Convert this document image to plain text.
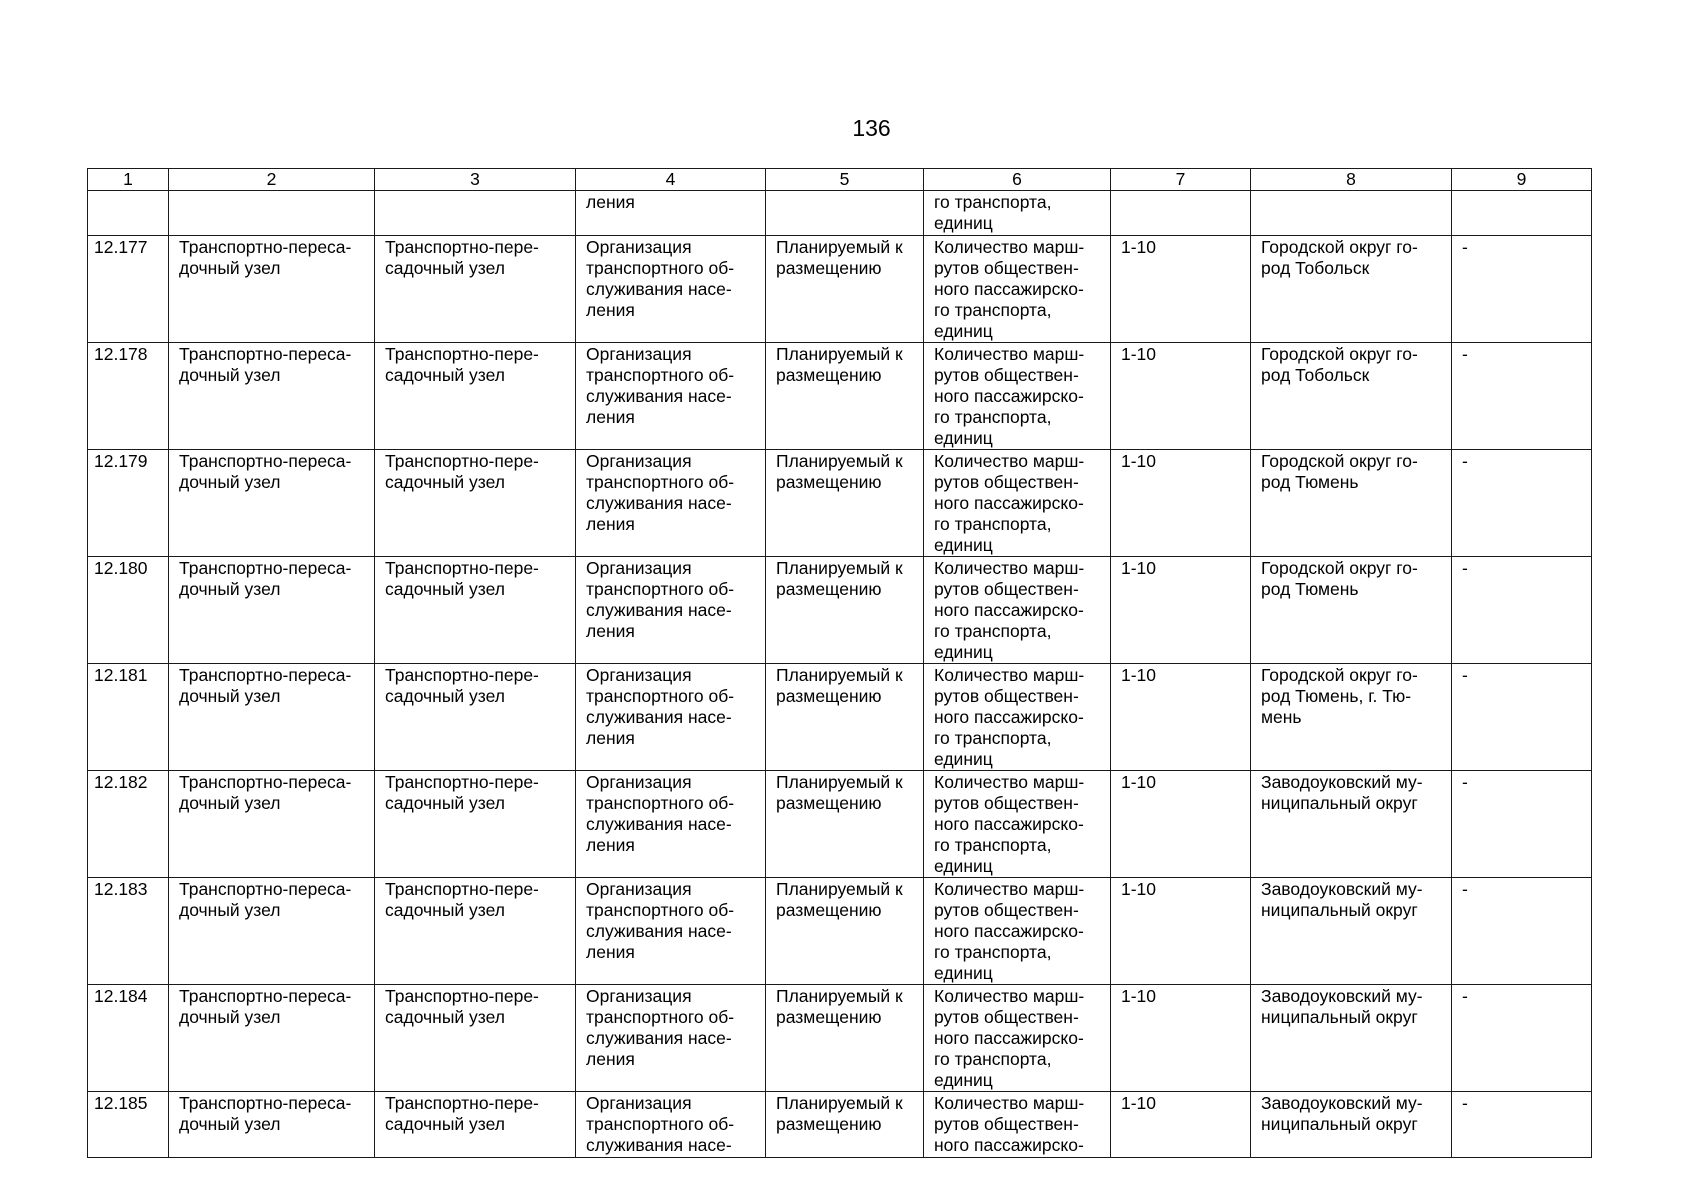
136
1	2	3	4	5	6	7	8	9
			ления		го транспорта,
единиц			
12.177	Транспортно-переса-
дочный узел	Транспортно-пере-
садочный узел	Организация
транспортного об-
служивания насе-
ления	Планируемый к
размещению	Количество марш-
рутов обществен-
ного пассажирско-
го транспорта,
единиц	1-10	Городской округ го-
род Тобольск	-
12.178	Транспортно-переса-
дочный узел	Транспортно-пере-
садочный узел	Организация
транспортного об-
служивания насе-
ления	Планируемый к
размещению	Количество марш-
рутов обществен-
ного пассажирско-
го транспорта,
единиц	1-10	Городской округ го-
род Тобольск	-
12.179	Транспортно-переса-
дочный узел	Транспортно-пере-
садочный узел	Организация
транспортного об-
служивания насе-
ления	Планируемый к
размещению	Количество марш-
рутов обществен-
ного пассажирско-
го транспорта,
единиц	1-10	Городской округ го-
род Тюмень	-
12.180	Транспортно-переса-
дочный узел	Транспортно-пере-
садочный узел	Организация
транспортного об-
служивания насе-
ления	Планируемый к
размещению	Количество марш-
рутов обществен-
ного пассажирско-
го транспорта,
единиц	1-10	Городской округ го-
род Тюмень	-
12.181	Транспортно-переса-
дочный узел	Транспортно-пере-
садочный узел	Организация
транспортного об-
служивания насе-
ления	Планируемый к
размещению	Количество марш-
рутов обществен-
ного пассажирско-
го транспорта,
единиц	1-10	Городской округ го-
род Тюмень, г. Тю-
мень	-
12.182	Транспортно-переса-
дочный узел	Транспортно-пере-
садочный узел	Организация
транспортного об-
служивания насе-
ления	Планируемый к
размещению	Количество марш-
рутов обществен-
ного пассажирско-
го транспорта,
единиц	1-10	Заводоуковский му-
ниципальный округ	-
12.183	Транспортно-переса-
дочный узел	Транспортно-пере-
садочный узел	Организация
транспортного об-
служивания насе-
ления	Планируемый к
размещению	Количество марш-
рутов обществен-
ного пассажирско-
го транспорта,
единиц	1-10	Заводоуковский му-
ниципальный округ	-
12.184	Транспортно-переса-
дочный узел	Транспортно-пере-
садочный узел	Организация
транспортного об-
служивания насе-
ления	Планируемый к
размещению	Количество марш-
рутов обществен-
ного пассажирско-
го транспорта,
единиц	1-10	Заводоуковский му-
ниципальный округ	-
12.185	Транспортно-переса-
дочный узел	Транспортно-пере-
садочный узел	Организация
транспортного об-
служивания насе-	Планируемый к
размещению	Количество марш-
рутов обществен-
ного пассажирско-	1-10	Заводоуковский му-
ниципальный округ	-
